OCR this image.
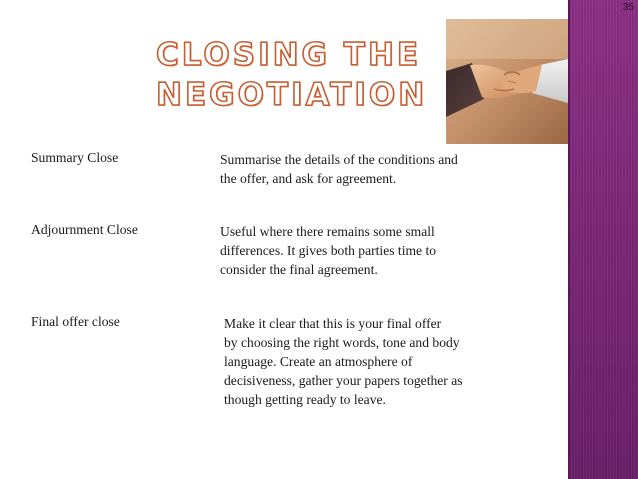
35
CLOSING THE
NEGOTIATION

Summary Close	Summarise the details of the conditions and
the offer, and ask for agreement.

Adjournment Close	Useful where there remains some small
differences. It gives both parties time to
consider the final agreement.

Final offer close	Make it clear that this is your final offer
by choosing the right words, tone and body
language. Create an atmosphere of
decisiveness, gather your papers together as
though getting ready to leave.
